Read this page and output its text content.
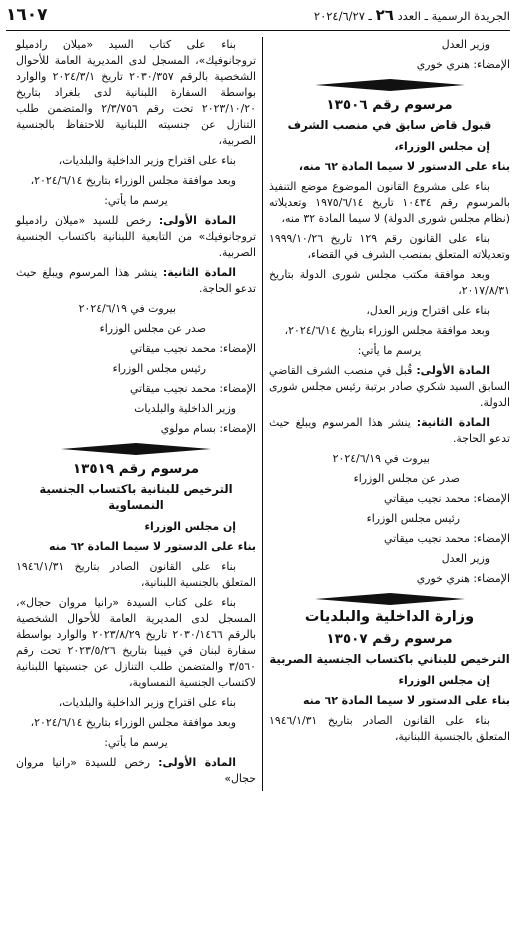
الجريدة الرسمية ـ العدد ٢٦ ـ ٢٠٢٤/٦/٢٧
١٦٠٧

وزير العدل

الإمضاء: هنري خوري

مرسوم رقم ١٣٥٠٦
قبول قاض سابق في منصب الشرف

إن مجلس الوزراء،

بناء على الدستور لا سيما المادة ٦٢ منه،

بناء على مشروع القانون الموضوع موضع التنفيذ بالمرسوم رقم ١٠٤٣٤ تاريخ ١٩٧٥/٦/١٤ وتعديلاته (نظام مجلس شورى الدولة) لا سيما المادة ٣٢ منه،

بناء على القانون رقم ١٢٩ تاريخ ١٩٩٩/١٠/٢٦ وتعديلاته المتعلق بمنصب الشرف في القضاء،

وبعد موافقة مكتب مجلس شورى الدولة بتاريخ ٢٠١٧/٨/٣١،

بناء على اقتراح وزير العدل،

وبعد موافقة مجلس الوزراء بتاريخ ٢٠٢٤/٦/١٤،

يرسم ما يأتي:

المادة الأولى: قُبل في منصب الشرف القاضي السابق السيد شكري صادر برتبة رئيس مجلس شورى الدولة.

المادة الثانية: ينشر هذا المرسوم ويبلغ حيث تدعو الحاجة.

بيروت في ٢٠٢٤/٦/١٩

صدر عن مجلس الوزراء

الإمضاء: محمد نجيب ميقاتي

رئيس مجلس الوزراء

الإمضاء: محمد نجيب ميقاتي

وزير العدل

الإمضاء: هنري خوري

وزارة الداخلية والبلديات
مرسوم رقم ١٣٥٠٧
الترخيص للبناني باكتساب الجنسية الصربية

إن مجلس الوزراء

بناء على الدستور لا سيما المادة ٦٢ منه

بناء على القانون الصادر بتاريخ ١٩٤٦/١/٣١ المتعلق بالجنسية اللبنانية،

بناء على كتاب السيد «ميلان رادميلو تروجانوفيك»، المسجل لدى المديرية العامة للأحوال الشخصية بالرقم ٢٠٣٠/٣٥٧ تاريخ ٢٠٢٤/٣/١ والوارد بواسطة السفارة اللبنانية لدى بلغراد بتاريخ ٢٠٢٣/١٠/٢٠ تحت رقم ٢/٣/٧٥٦ والمتضمن طلب التنازل عن جنسيته اللبنانية للاحتفاظ بالجنسية الصربية،

بناء على اقتراح وزير الداخلية والبلديات،

وبعد موافقة مجلس الوزراء بتاريخ ٢٠٢٤/٦/١٤،

يرسم ما يأتي:

المادة الأولى: رخص للسيد «ميلان رادميلو تروجانوفيك» من التابعية اللبنانية باكتساب الجنسية الصربية.

المادة الثانية: ينشر هذا المرسوم ويبلغ حيث تدعو الحاجة.

بيروت في ٢٠٢٤/٦/١٩

صدر عن مجلس الوزراء

الإمضاء: محمد نجيب ميقاتي

رئيس مجلس الوزراء

الإمضاء: محمد نجيب ميقاتي

وزير الداخلية والبلديات

الإمضاء: بسام مولوي

مرسوم رقم ١٣٥١٩
الترخيص للبنانية باكتساب الجنسية النمساوية

إن مجلس الوزراء

بناء على الدستور لا سيما المادة ٦٢ منه

بناء على القانون الصادر بتاريخ ١٩٤٦/١/٣١ المتعلق بالجنسية اللبنانية،

بناء على كتاب السيدة «رانيا مروان حجال»، المسجل لدى المديرية العامة للأحوال الشخصية بالرقم ٢٠٣٠/١٤٦٦ تاريخ ٢٠٢٣/٨/٢٩ والوارد بواسطة سفارة لبنان في فيينا بتاريخ ٢٠٢٣/٥/٢٦ تحت رقم ٣/٥٦٠ والمتضمن طلب التنازل عن جنسيتها اللبنانية لاكتساب الجنسية النمساوية،

بناء على اقتراح وزير الداخلية والبلديات،

وبعد موافقة مجلس الوزراء بتاريخ ٢٠٢٤/٦/١٤،

يرسم ما يأتي:

المادة الأولى: رخص للسيدة «رانيا مروان حجال»
